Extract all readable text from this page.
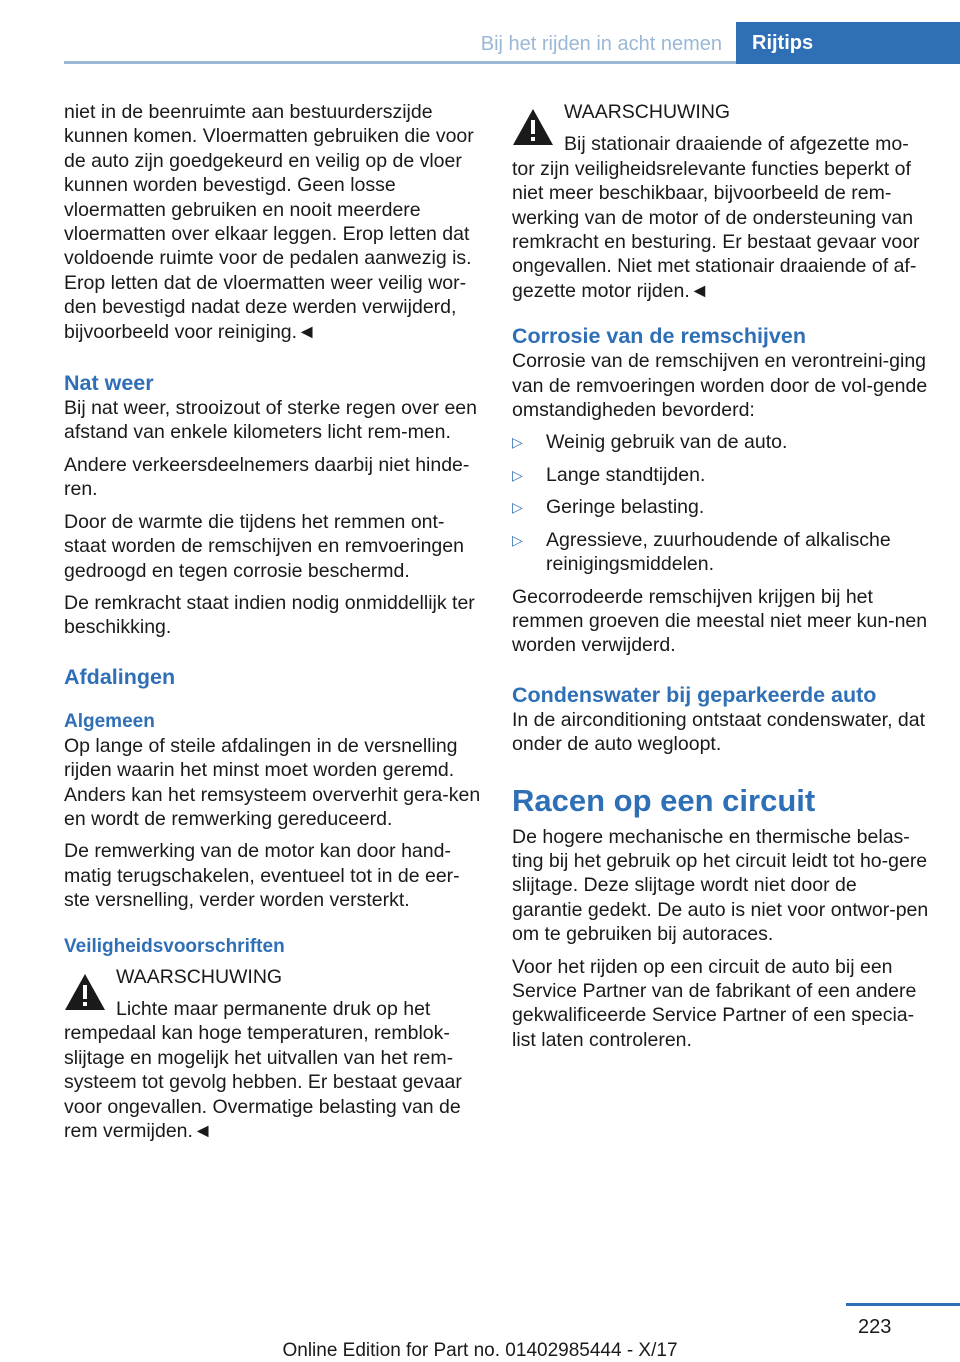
Bij het rijden in acht nemen	Rijtips

niet in de beenruimte aan bestuurderszijde kunnen komen. Vloermatten gebruiken die voor de auto zijn goedgekeurd en veilig op de vloer kunnen worden bevestigd. Geen losse vloermatten gebruiken en nooit meerdere vloermatten over elkaar leggen. Erop letten dat voldoende ruimte voor de pedalen aanwezig is. Erop letten dat de vloermatten weer veilig wor-den bevestigd nadat deze werden verwijderd, bijvoorbeeld voor reiniging.◄

Nat weer

Bij nat weer, strooizout of sterke regen over een afstand van enkele kilometers licht rem-men.

Andere verkeersdeelnemers daarbij niet hinde-ren.

Door de warmte die tijdens het remmen ont-staat worden de remschijven en remvoeringen gedroogd en tegen corrosie beschermd.

De remkracht staat indien nodig onmiddellijk ter beschikking.

Afdalingen
Algemeen

Op lange of steile afdalingen in de versnelling rijden waarin het minst moet worden geremd. Anders kan het remsysteem oververhit gera-ken en wordt de remwerking gereduceerd.

De remwerking van de motor kan door hand-matig terugschakelen, eventueel tot in de eer-ste versnelling, verder worden versterkt.

Veiligheidsvoorschriften
WAARSCHUWING
Lichte maar permanente druk op het
rempedaal kan hoge temperaturen, remblok-slijtage en mogelijk het uitvallen van het rem-systeem tot gevolg hebben. Er bestaat gevaar voor ongevallen. Overmatige belasting van de rem vermijden.◄
WAARSCHUWING
Bij stationair draaiende of afgezette mo-
tor zijn veiligheidsrelevante functies beperkt of niet meer beschikbaar, bijvoorbeeld de rem-werking van de motor of de ondersteuning van remkracht en besturing. Er bestaat gevaar voor ongevallen. Niet met stationair draaiende of af-gezette motor rijden.◄
Corrosie van de remschijven

Corrosie van de remschijven en verontreini-ging van de remvoeringen worden door de vol-gende omstandigheden bevorderd:

▷ Weinig gebruik van de auto.
▷ Lange standtijden.
▷ Geringe belasting.
▷ Agressieve, zuurhoudende of alkalische reinigingsmiddelen.

Gecorrodeerde remschijven krijgen bij het remmen groeven die meestal niet meer kun-nen worden verwijderd.

Condenswater bij geparkeerde auto

In de airconditioning ontstaat condenswater, dat onder de auto wegloopt.

Racen op een circuit

De hogere mechanische en thermische belas-ting bij het gebruik op het circuit leidt tot ho-gere slijtage. Deze slijtage wordt niet door de garantie gedekt. De auto is niet voor ontwor-pen om te gebruiken bij autoraces.

Voor het rijden op een circuit de auto bij een Service Partner van de fabrikant of een andere gekwalificeerde Service Partner of een specia-list laten controleren.

223
Online Edition for Part no. 01402985444 - X/17
